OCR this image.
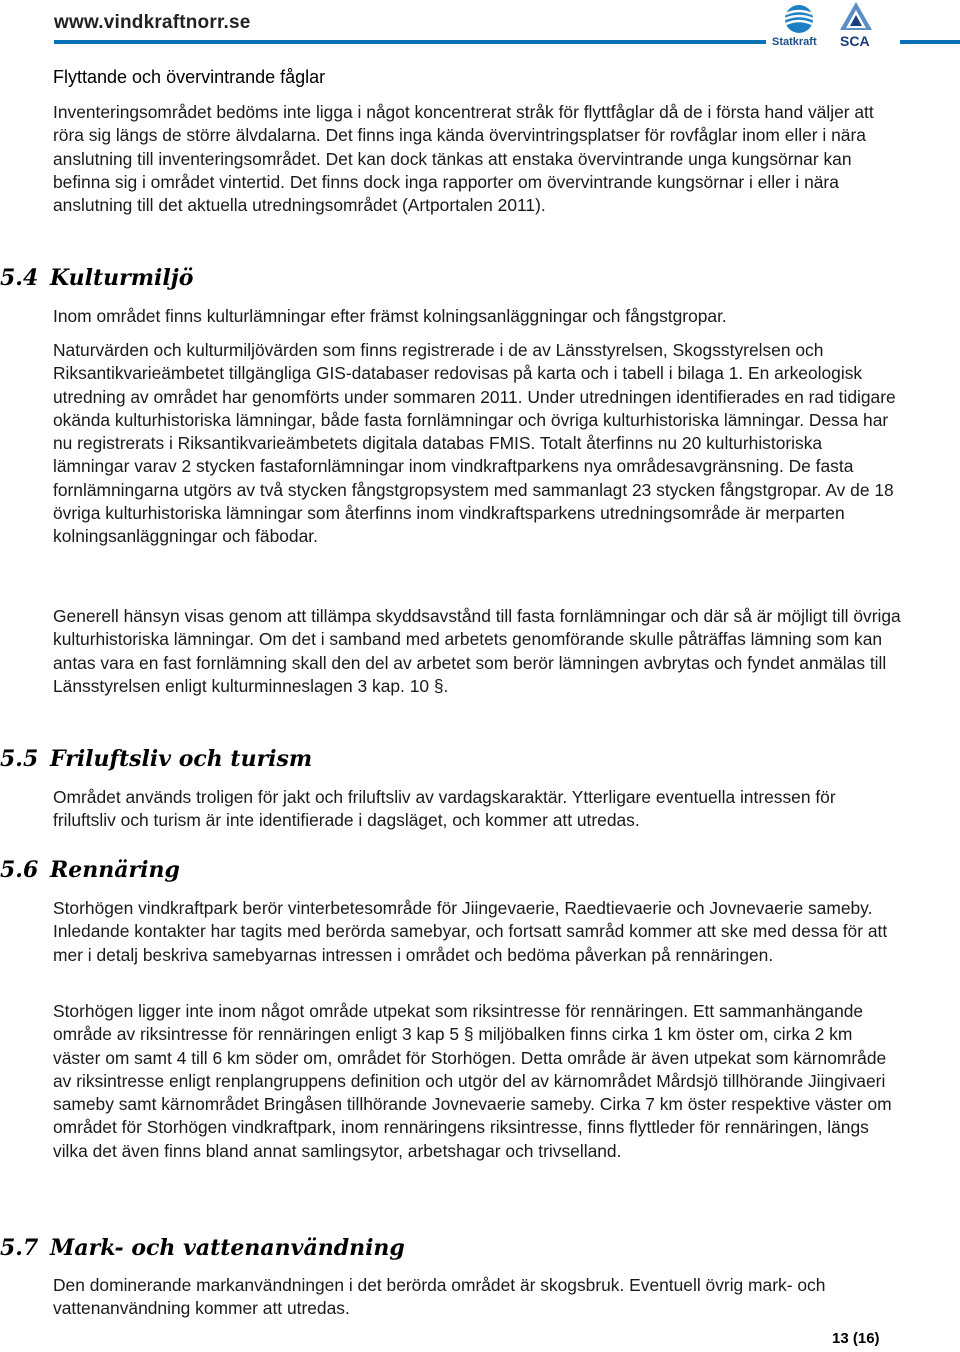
www.vindkraftnorr.se
Statkraft SCA
Flyttande och övervintrande fåglar

Inventeringsområdet bedöms inte ligga i något koncentrerat stråk för flyttfåglar då de i första hand väljer att röra sig längs de större älvdalarna. Det finns inga kända övervintringsplatser för rovfåglar inom eller i nära anslutning till inventeringsområdet. Det kan dock tänkas att enstaka övervintrande unga kungsörnar kan befinna sig i området vintertid. Det finns dock inga rapporter om övervintrande kungsörnar i eller i nära anslutning till det aktuella utredningsområdet (Artportalen 2011).

5.4 Kulturmiljö

Inom området finns kulturlämningar efter främst kolningsanläggningar och fångstgropar.

Naturvärden och kulturmiljövärden som finns registrerade i de av Länsstyrelsen, Skogsstyrelsen och Riksantikvarieämbetet tillgängliga GIS-databaser redovisas på karta och i tabell i bilaga 1. En arkeologisk utredning av området har genomförts under sommaren 2011. Under utredningen identifierades en rad tidigare okända kulturhistoriska lämningar, både fasta fornlämningar och övriga kulturhistoriska lämningar. Dessa har nu registrerats i Riksantikvarieämbetets digitala databas FMIS. Totalt återfinns nu 20 kulturhistoriska lämningar varav 2 stycken fastafornlämningar inom vindkraftparkens nya områdesavgränsning. De fasta fornlämningarna utgörs av två stycken fångstgropsystem med sammanlagt 23 stycken fångstgropar. Av de 18 övriga kulturhistoriska lämningar som återfinns inom vindkraftsparkens utredningsområde är merparten kolningsanläggningar och fäbodar.

Generell hänsyn visas genom att tillämpa skyddsavstånd till fasta fornlämningar och där så är möjligt till övriga kulturhistoriska lämningar. Om det i samband med arbetets genomförande skulle påträffas lämning som kan antas vara en fast fornlämning skall den del av arbetet som berör lämningen avbrytas och fyndet anmälas till Länsstyrelsen enligt kulturminneslagen 3 kap. 10 §.

5.5 Friluftsliv och turism

Området används troligen för jakt och friluftsliv av vardagskaraktär. Ytterligare eventuella intressen för friluftsliv och turism är inte identifierade i dagsläget, och kommer att utredas.

5.6 Rennäring

Storhögen vindkraftpark berör vinterbetesområde för Jiingevaerie, Raedtievaerie och Jovnevaerie sameby. Inledande kontakter har tagits med berörda samebyar, och fortsatt samråd kommer att ske med dessa för att mer i detalj beskriva samebyarnas intressen i området och bedöma påverkan på rennäringen.

Storhögen ligger inte inom något område utpekat som riksintresse för rennäringen. Ett sammanhängande område av riksintresse för rennäringen enligt 3 kap 5 § miljöbalken finns cirka 1 km öster om, cirka 2 km väster om samt 4 till 6 km söder om, området för Storhögen. Detta område är även utpekat som kärnområde av riksintresse enligt renplangruppens definition och utgör del av kärnområdet Mårdsjö tillhörande Jiingivaeri sameby samt kärnområdet Bringåsen tillhörande Jovnevaerie sameby. Cirka 7 km öster respektive väster om området för Storhögen vindkraftpark, inom rennäringens riksintresse, finns flyttleder för rennäringen, längs vilka det även finns bland annat samlingsytor, arbetshagar och trivselland.

5.7 Mark- och vattenanvändning

Den dominerande markanvändningen i det berörda området är skogsbruk. Eventuell övrig mark- och vattenanvändning kommer att utredas.

13 (16)
